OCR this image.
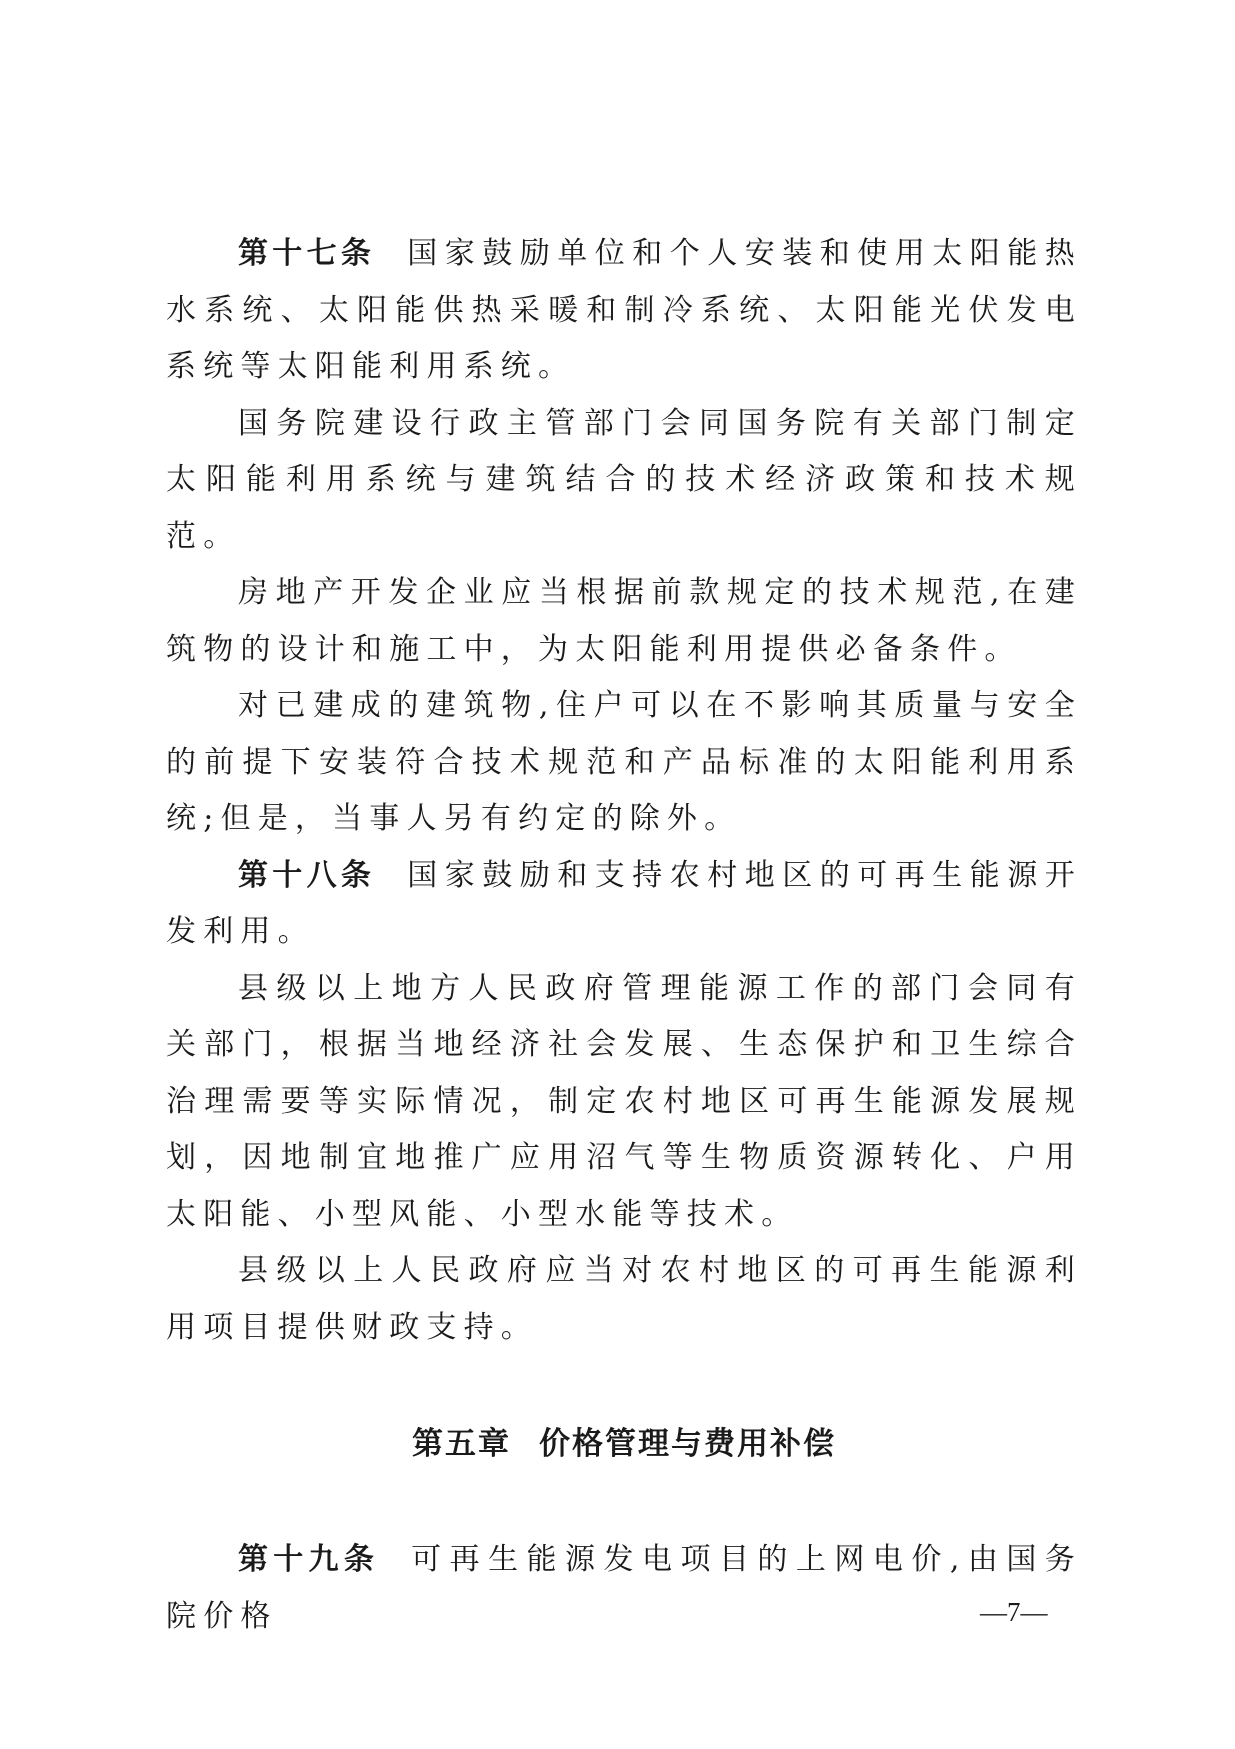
第十七条 国家鼓励单位和个人安装和使用太阳能热水系统、太阳能供热采暖和制冷系统、太阳能光伏发电系统等太阳能利用系统。

国务院建设行政主管部门会同国务院有关部门制定太阳能利用系统与建筑结合的技术经济政策和技术规范。

房地产开发企业应当根据前款规定的技术规范,在建筑物的设计和施工中，为太阳能利用提供必备条件。

对已建成的建筑物,住户可以在不影响其质量与安全的前提下安装符合技术规范和产品标准的太阳能利用系统;但是，当事人另有约定的除外。

第十八条 国家鼓励和支持农村地区的可再生能源开发利用。

县级以上地方人民政府管理能源工作的部门会同有关部门，根据当地经济社会发展、生态保护和卫生综合治理需要等实际情况，制定农村地区可再生能源发展规划，因地制宜地推广应用沼气等生物质资源转化、户用太阳能、小型风能、小型水能等技术。

县级以上人民政府应当对农村地区的可再生能源利用项目提供财政支持。

第五章 价格管理与费用补偿

第十九条 可再生能源发电项目的上网电价,由国务院价格	—7—
